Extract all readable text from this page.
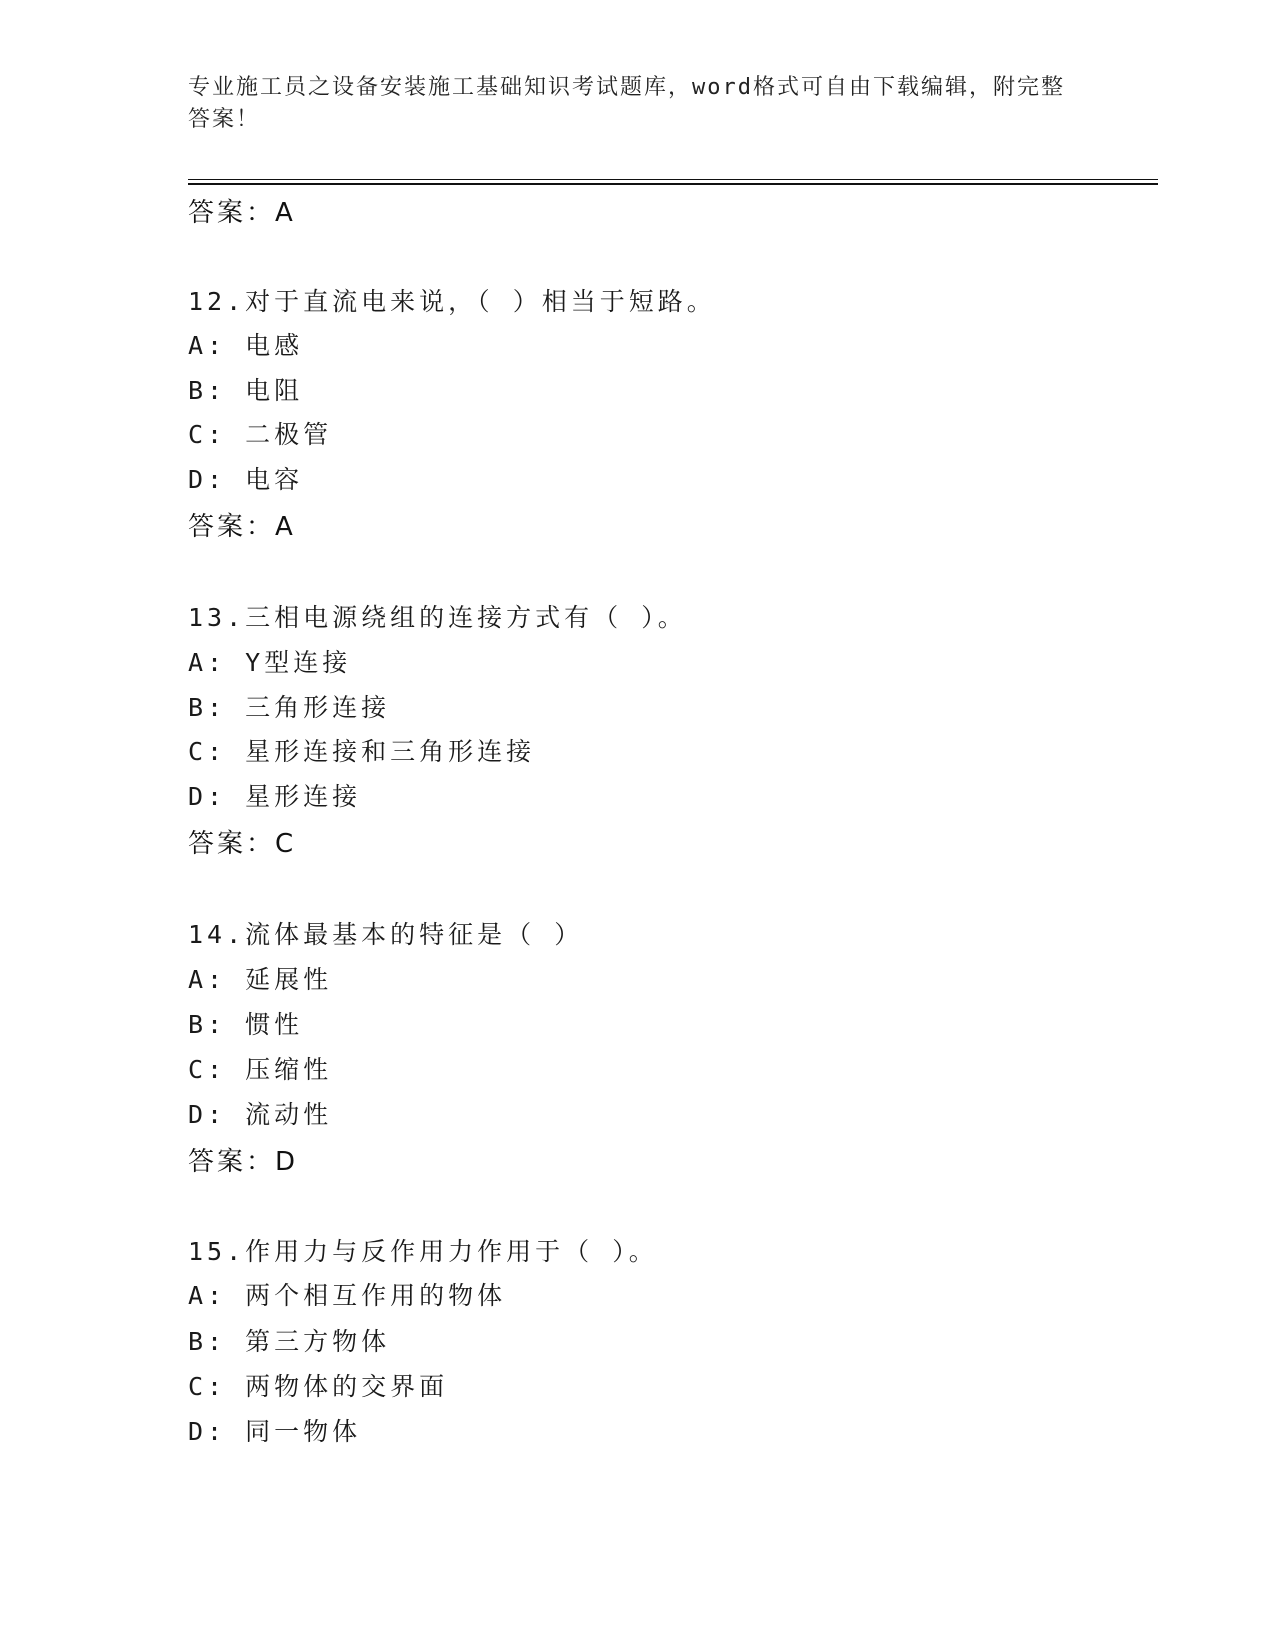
专业施工员之设备安装施工基础知识考试题库，word格式可自由下载编辑，附完整答案！
答案：A
12.对于直流电来说，（ ）相当于短路。
A: 电感
B: 电阻
C: 二极管
D: 电容
答案：A
13.三相电源绕组的连接方式有（ ）。
A: Y型连接
B: 三角形连接
C: 星形连接和三角形连接
D: 星形连接
答案：C
14.流体最基本的特征是（ ）
A: 延展性
B: 惯性
C: 压缩性
D: 流动性
答案：D
15.作用力与反作用力作用于（ ）。
A: 两个相互作用的物体
B: 第三方物体
C: 两物体的交界面
D: 同一物体
